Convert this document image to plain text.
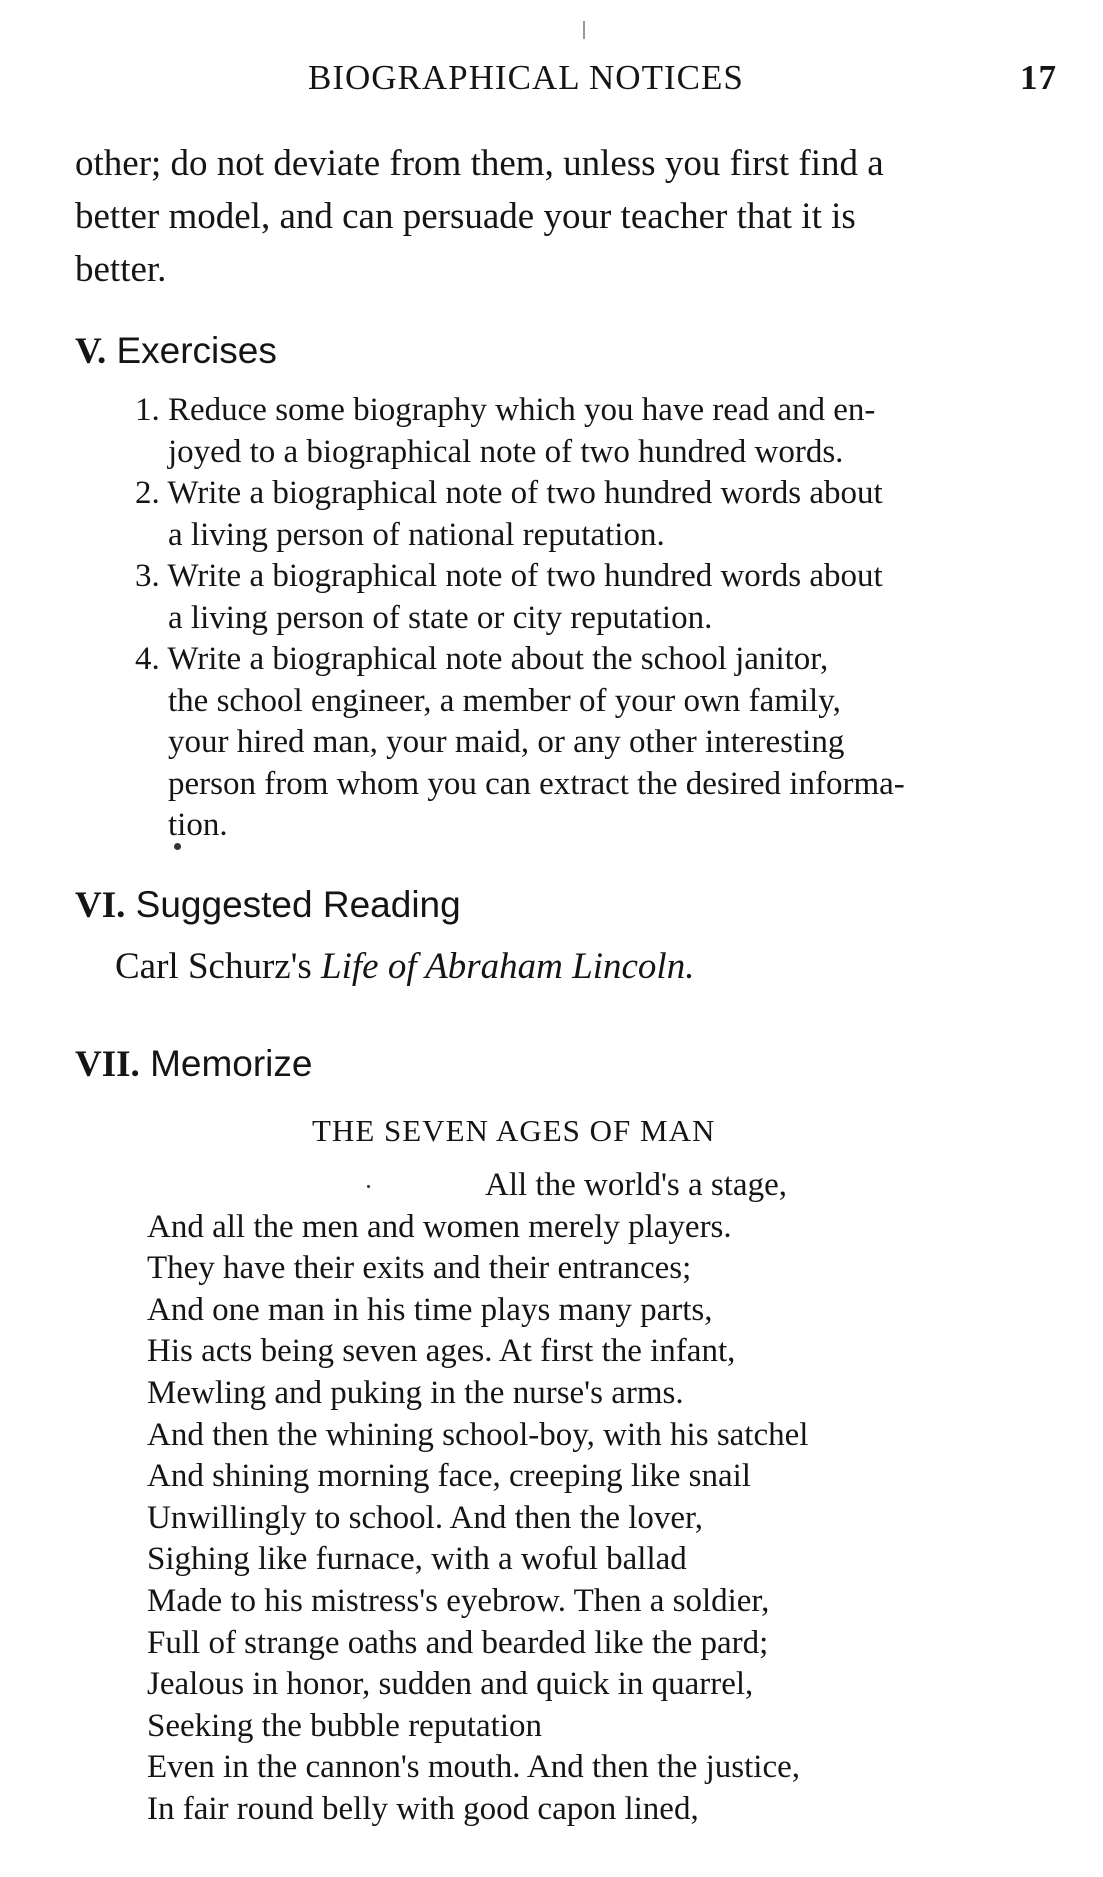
BIOGRAPHICAL NOTICES	17
other; do not deviate from them, unless you first find a
better model, and can persuade your teacher that it is
better.
V. Exercises
1. Reduce some biography which you have read and en-
joyed to a biographical note of two hundred words.
2. Write a biographical note of two hundred words about
a living person of national reputation.
3. Write a biographical note of two hundred words about
a living person of state or city reputation.
4. Write a biographical note about the school janitor,
the school engineer, a member of your own family,
your hired man, your maid, or any other interesting
person from whom you can extract the desired informa-
tion.
VI. Suggested Reading
Carl Schurz's Life of Abraham Lincoln.
VII. Memorize
THE SEVEN AGES OF MAN
All the world's a stage,
And all the men and women merely players.
They have their exits and their entrances;
And one man in his time plays many parts,
His acts being seven ages. At first the infant,
Mewling and puking in the nurse's arms.
And then the whining school-boy, with his satchel
And shining morning face, creeping like snail
Unwillingly to school. And then the lover,
Sighing like furnace, with a woful ballad
Made to his mistress's eyebrow. Then a soldier,
Full of strange oaths and bearded like the pard;
Jealous in honor, sudden and quick in quarrel,
Seeking the bubble reputation
Even in the cannon's mouth. And then the justice,
In fair round belly with good capon lined,
